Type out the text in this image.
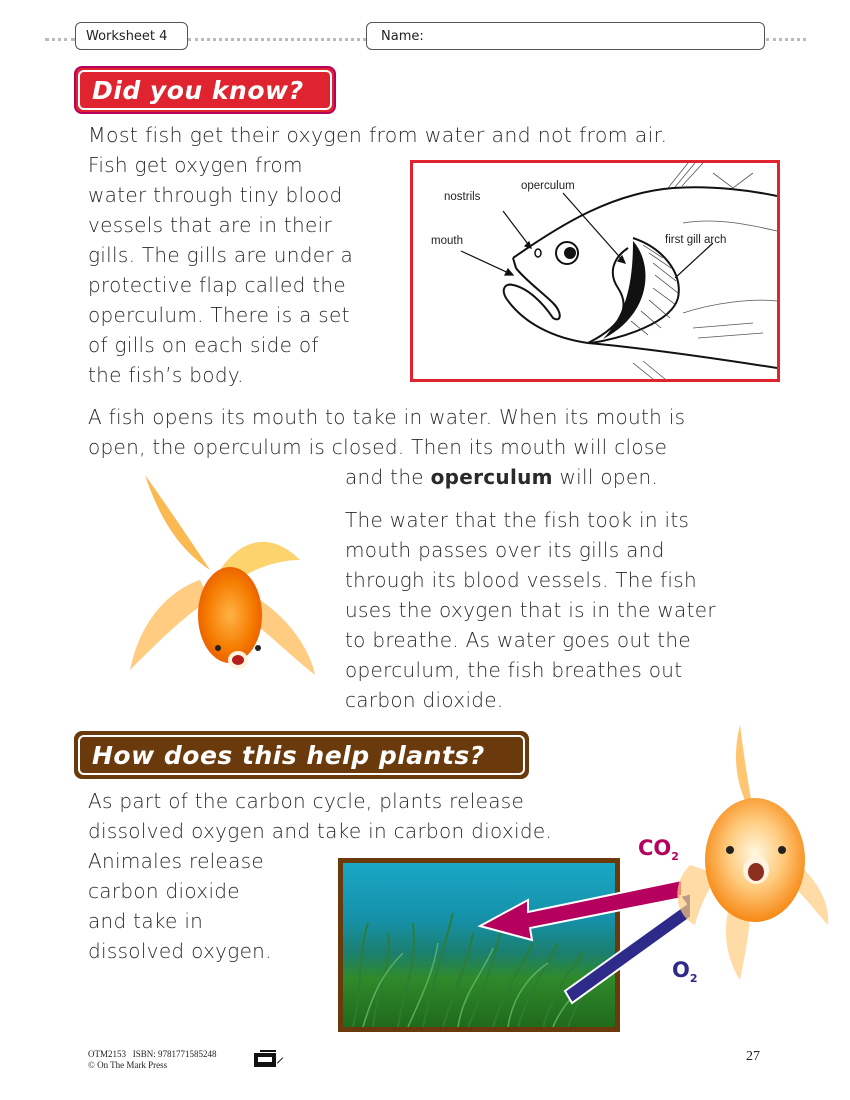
Worksheet 4	Name:
Did you know?
Most fish get their oxygen from water and not from air.
Fish get oxygen from
water through tiny blood
vessels that are in their
gills. The gills are under a
protective flap called the
operculum. There is a set
of gills on each side of
the fish’s body.
nostrils
operculum
mouth	first gill arch
A fish opens its mouth to take in water. When its mouth is
open, the operculum is closed. Then its mouth will close
and the operculum will open.
The water that the fish took in its
mouth passes over its gills and
through its blood vessels. The fish
uses the oxygen that is in the water
to breathe. As water goes out the
operculum, the fish breathes out
carbon dioxide.
How does this help plants?
As part of the carbon cycle, plants release
dissolved oxygen and take in carbon dioxide.
Animales release
carbon dioxide
and take in
dissolved oxygen.
$CO_2$
$O_2$
OTM2153   ISBN: 9781771585248
© On The Mark Press
27
